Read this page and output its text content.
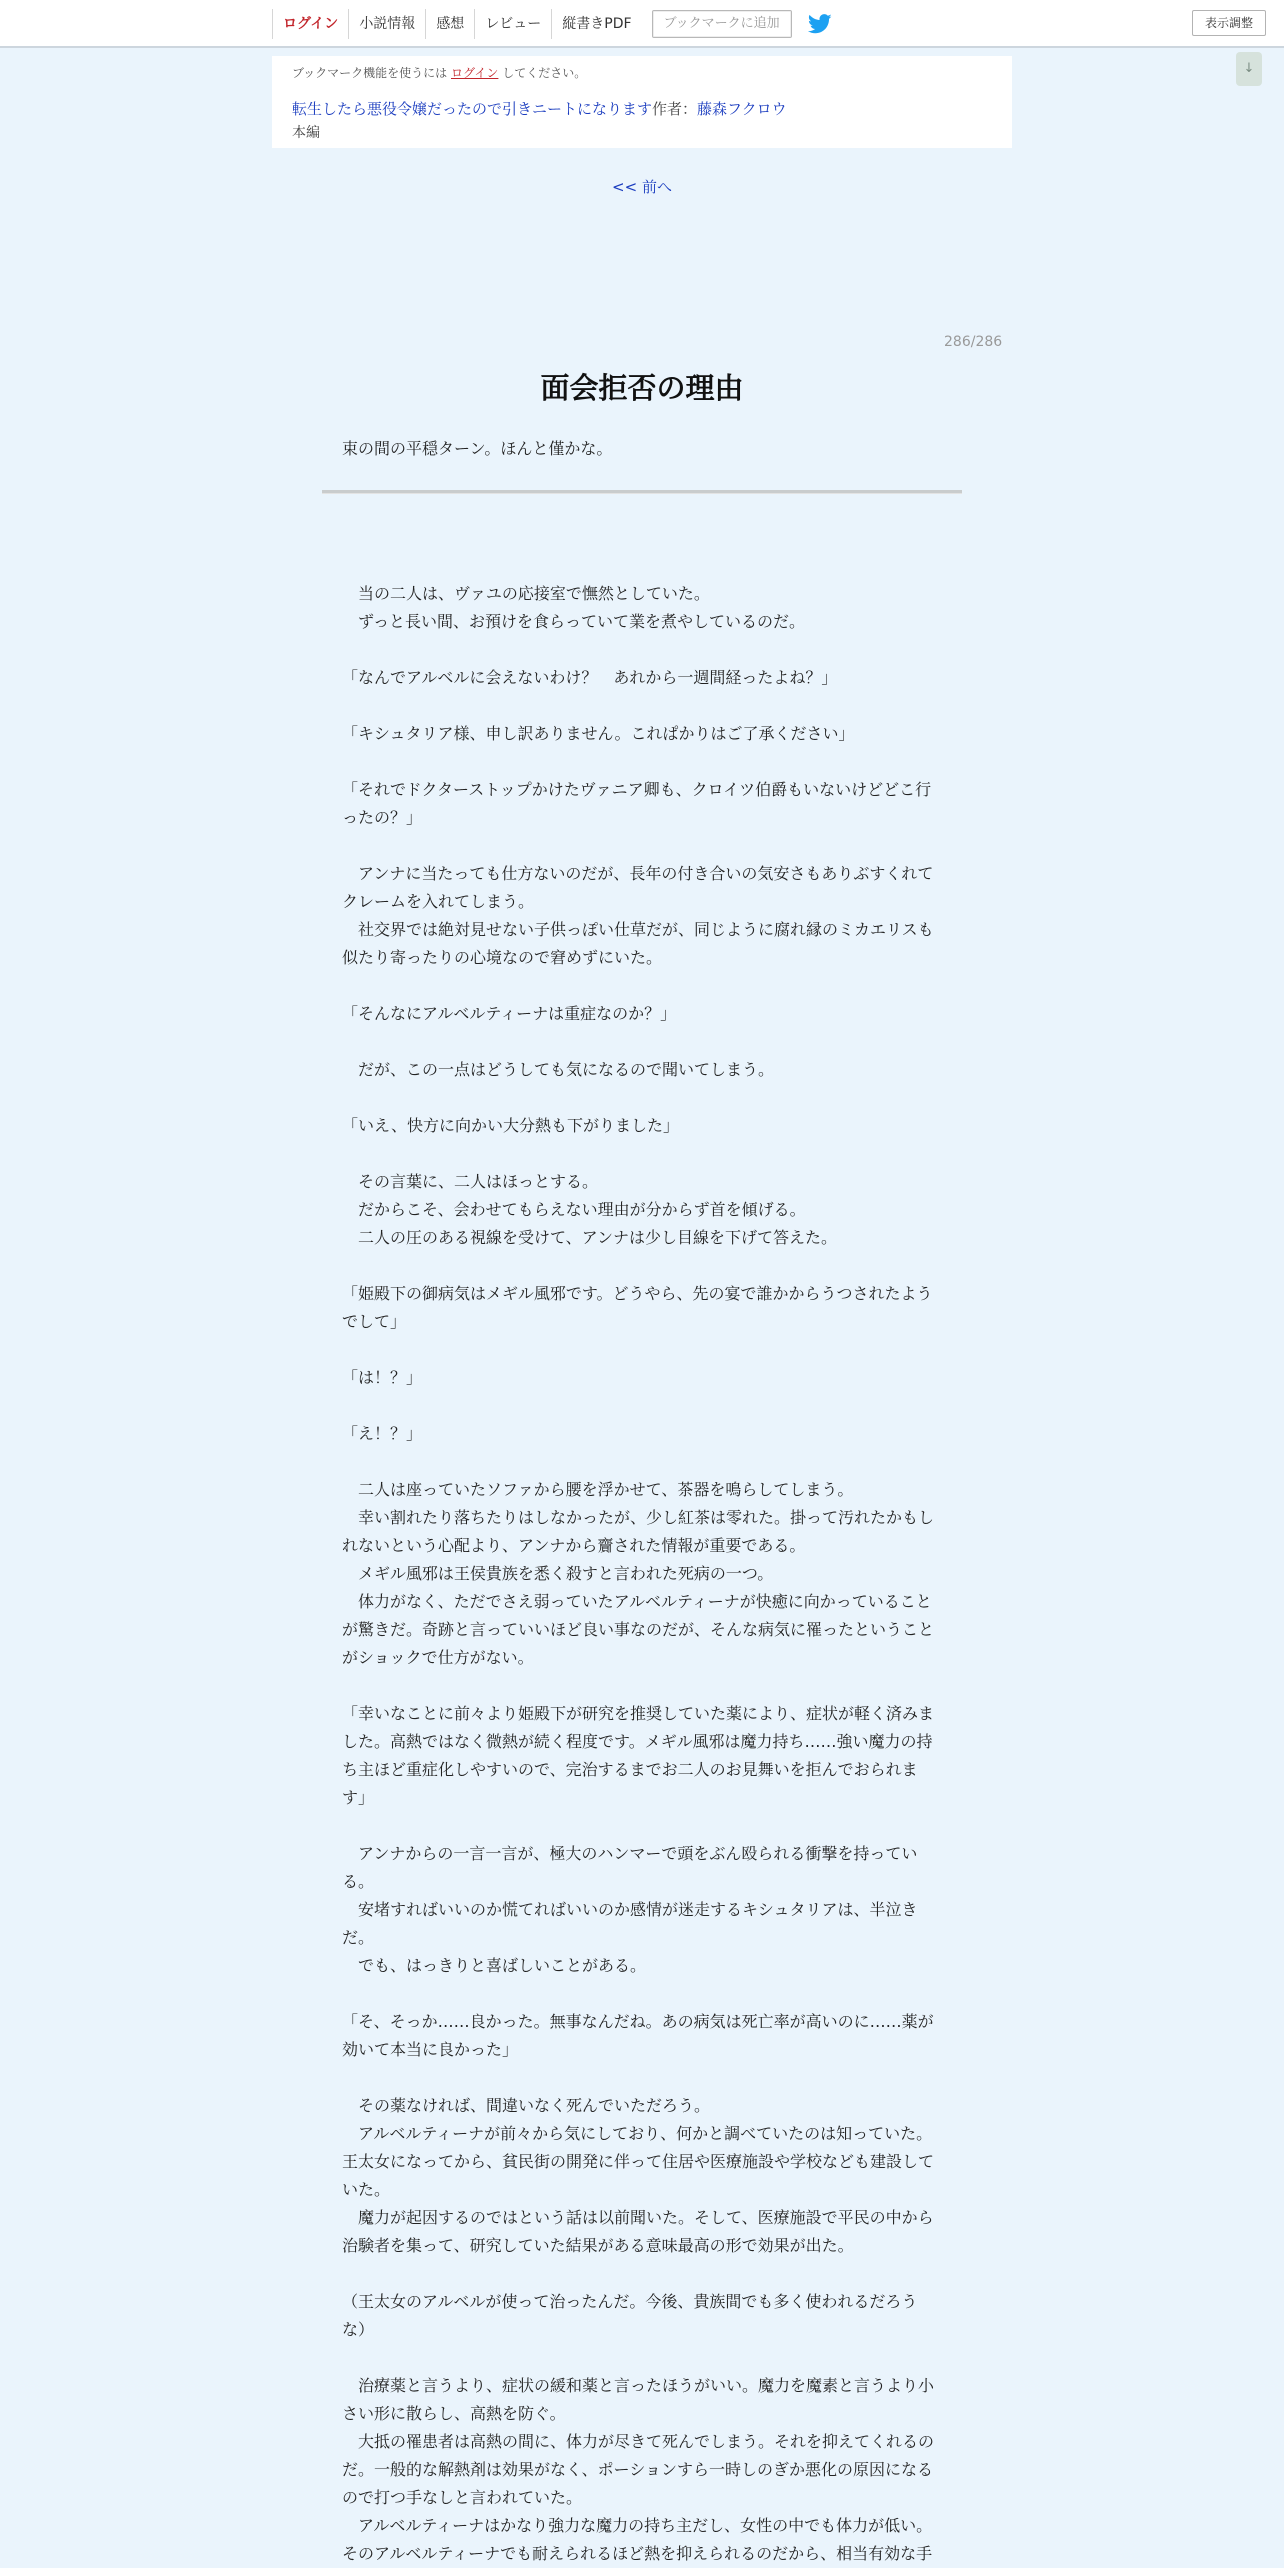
ログイン	小説情報	感想	レビュー	縦書きPDF	ブックマークに追加	表示調整
↓
ブックマーク機能を使うには ログイン してください。
転生したら悪役令嬢だったので引きニートになります 作者：藤森フクロウ
本編
<< 前へ
286/286
面会拒否の理由
束の間の平穏ターン。ほんと僅かな。

　当の二人は、ヴァユの応接室で憮然としていた。

　ずっと長い間、お預けを食らっていて業を煮やしているのだ。

「なんでアルベルに会えないわけ？　あれから一週間経ったよね？」

「キシュタリア様、申し訳ありません。これぱかりはご了承ください」

「それでドクターストップかけたヴァニア卿も、クロイツ伯爵もいないけどどこ行

ったの？」

　アンナに当たっても仕方ないのだが、長年の付き合いの気安さもありぶすくれて

クレームを入れてしまう。

　社交界では絶対見せない子供っぽい仕草だが、同じように腐れ縁のミカエリスも

似たり寄ったりの心境なので窘めずにいた。

「そんなにアルベルティーナは重症なのか？」

　だが、この一点はどうしても気になるので聞いてしまう。

「いえ、快方に向かい大分熱も下がりました」

　その言葉に、二人はほっとする。

　だからこそ、会わせてもらえない理由が分からず首を傾げる。

　二人の圧のある視線を受けて、アンナは少し目線を下げて答えた。

「姫殿下の御病気はメギル風邪です。どうやら、先の宴で誰かからうつされたよう

でして」

「は！？」

「え！？」

　二人は座っていたソファから腰を浮かせて、茶器を鳴らしてしまう。

　幸い割れたり落ちたりはしなかったが、少し紅茶は零れた。掛って汚れたかもし

れないという心配より、アンナから齎された情報が重要である。

　メギル風邪は王侯貴族を悉く殺すと言われた死病の一つ。

　体力がなく、ただでさえ弱っていたアルベルティーナが快癒に向かっていること

が驚きだ。奇跡と言っていいほど良い事なのだが、そんな病気に罹ったということ

がショックで仕方がない。

「幸いなことに前々より姫殿下が研究を推奨していた薬により、症状が軽く済みま

した。高熱ではなく微熱が続く程度です。メギル風邪は魔力持ち……強い魔力の持

ち主ほど重症化しやすいので、完治するまでお二人のお見舞いを拒んでおられま

す」

　アンナからの一言一言が、極大のハンマーで頭をぶん殴られる衝撃を持ってい

る。

　安堵すればいいのか慌てればいいのか感情が迷走するキシュタリアは、半泣き

だ。

　でも、はっきりと喜ばしいことがある。

「そ、そっか……良かった。無事なんだね。あの病気は死亡率が高いのに……薬が

効いて本当に良かった」

　その薬なければ、間違いなく死んでいただろう。

　アルベルティーナが前々から気にしており、何かと調べていたのは知っていた。

王太女になってから、貧民街の開発に伴って住居や医療施設や学校なども建設して

いた。

　魔力が起因するのではという話は以前聞いた。そして、医療施設で平民の中から

治験者を集って、研究していた結果がある意味最高の形で効果が出た。

（王太女のアルベルが使って治ったんだ。今後、貴族間でも多く使われるだろう

な）

　治療薬と言うより、症状の緩和薬と言ったほうがいい。魔力を魔素と言うより小

さい形に散らし、高熱を防ぐ。

　大抵の罹患者は高熱の間に、体力が尽きて死んでしまう。それを抑えてくれるの

だ。一般的な解熱剤は効果がなく、ポーションすら一時しのぎか悪化の原因になる

ので打つ手なしと言われていた。

　アルベルティーナはかなり強力な魔力の持ち主だし、女性の中でも体力が低い。

そのアルベルティーナでも耐えられるほど熱を抑えられるのだから、相当有効な手
